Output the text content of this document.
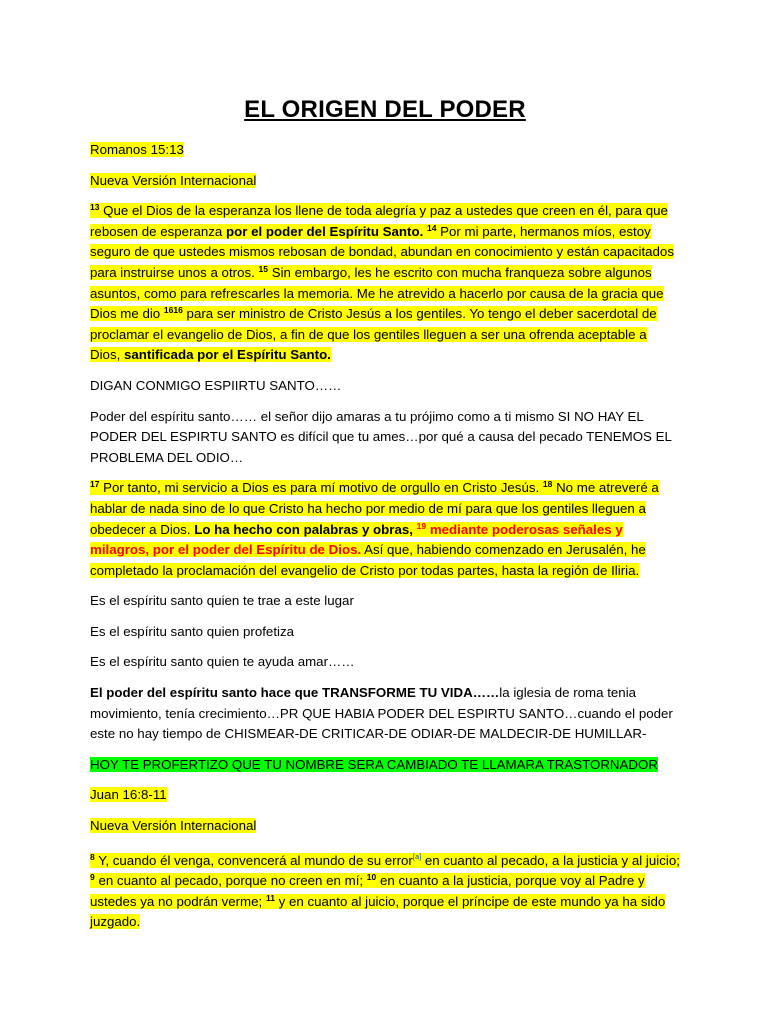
EL ORIGEN DEL PODER

Romanos 15:13

Nueva Versión Internacional

$^{13}$ Que el Dios de la esperanza los llene de toda alegría y paz a ustedes que creen en él, para que rebosen de esperanza por el poder del Espíritu Santo. $^{14}$ Por mi parte, hermanos míos, estoy seguro de que ustedes mismos rebosan de bondad, abundan en conocimiento y están capacitados para instruirse unos a otros. $^{15}$ Sin embargo, les he escrito con mucha franqueza sobre algunos asuntos, como para refrescarles la memoria. Me he atrevido a hacerlo por causa de la gracia que Dios me dio $^{1616}$ para ser ministro de Cristo Jesús a los gentiles. Yo tengo el deber sacerdotal de proclamar el evangelio de Dios, a fin de que los gentiles lleguen a ser una ofrenda aceptable a Dios, santificada por el Espíritu Santo.

DIGAN CONMIGO ESPIIRTU SANTO……

Poder del espíritu santo…… el señor dijo amaras a tu prójimo como a ti mismo SI NO HAY EL PODER DEL ESPIRTU SANTO es difícil que tu ames…por qué a causa del pecado TENEMOS EL PROBLEMA DEL ODIO…

$^{17}$ Por tanto, mi servicio a Dios es para mí motivo de orgullo en Cristo Jesús. $^{18}$ No me atreveré a hablar de nada sino de lo que Cristo ha hecho por medio de mí para que los gentiles lleguen a obedecer a Dios. Lo ha hecho con palabras y obras, $^{19}$ mediante poderosas señales y milagros, por el poder del Espíritu de Dios. Así que, habiendo comenzado en Jerusalén, he completado la proclamación del evangelio de Cristo por todas partes, hasta la región de Iliria.

Es el espíritu santo quien te trae a este lugar

Es el espíritu santo quien profetiza

Es el espíritu santo quien te ayuda amar……

El poder del espíritu santo hace que TRANSFORME TU VIDA……la iglesia de roma tenia movimiento, tenía crecimiento…PR QUE HABIA PODER DEL ESPIRTU SANTO…cuando el poder este no hay tiempo de CHISMEAR-DE CRITICAR-DE ODIAR-DE MALDECIR-DE HUMILLAR-

HOY TE PROFERTIZO QUE TU NOMBRE SERA CAMBIADO TE LLAMARA TRASTORNADOR

Juan 16:8-11

Nueva Versión Internacional

$^8$ Y, cuando él venga, convencerá al mundo de su error[a] en cuanto al pecado, a la justicia y al juicio; $^9$ en cuanto al pecado, porque no creen en mí; $^{10}$ en cuanto a la justicia, porque voy al Padre y ustedes ya no podrán verme; $^{11}$ y en cuanto al juicio, porque el príncipe de este mundo ya ha sido juzgado.
